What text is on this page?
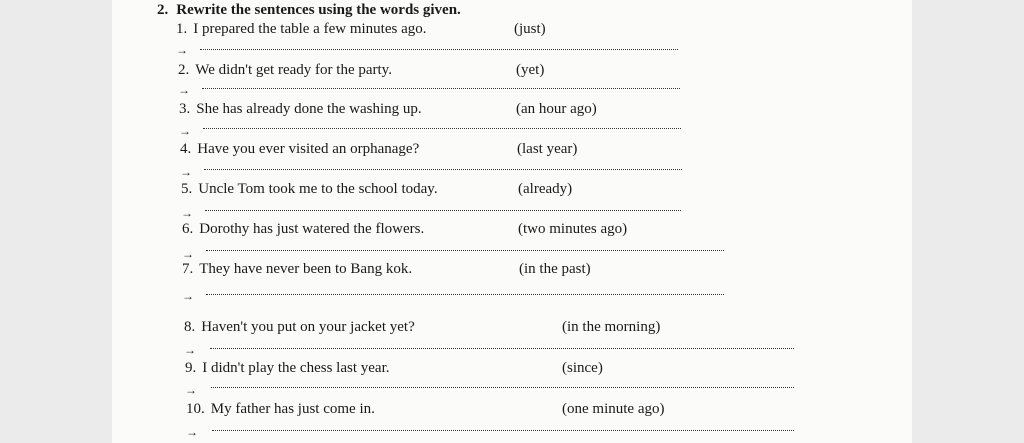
2. Rewrite the sentences using the words given.
1. I prepared the table a few minutes ago.	(just)
→
2. We didn't get ready for the party.	(yet)
→
3. She has already done the washing up.	(an hour ago)
→
4. Have you ever visited an orphanage?	(last year)
→
5. Uncle Tom took me to the school today.	(already)
→
6. Dorothy has just watered the flowers.	(two minutes ago)
→
7. They have never been to Bang kok.	(in the past)
→
8. Haven't you put on your jacket yet?	(in the morning)
→
9. I didn't play the chess last year.	(since)
→
10. My father has just come in.	(one minute ago)
→
